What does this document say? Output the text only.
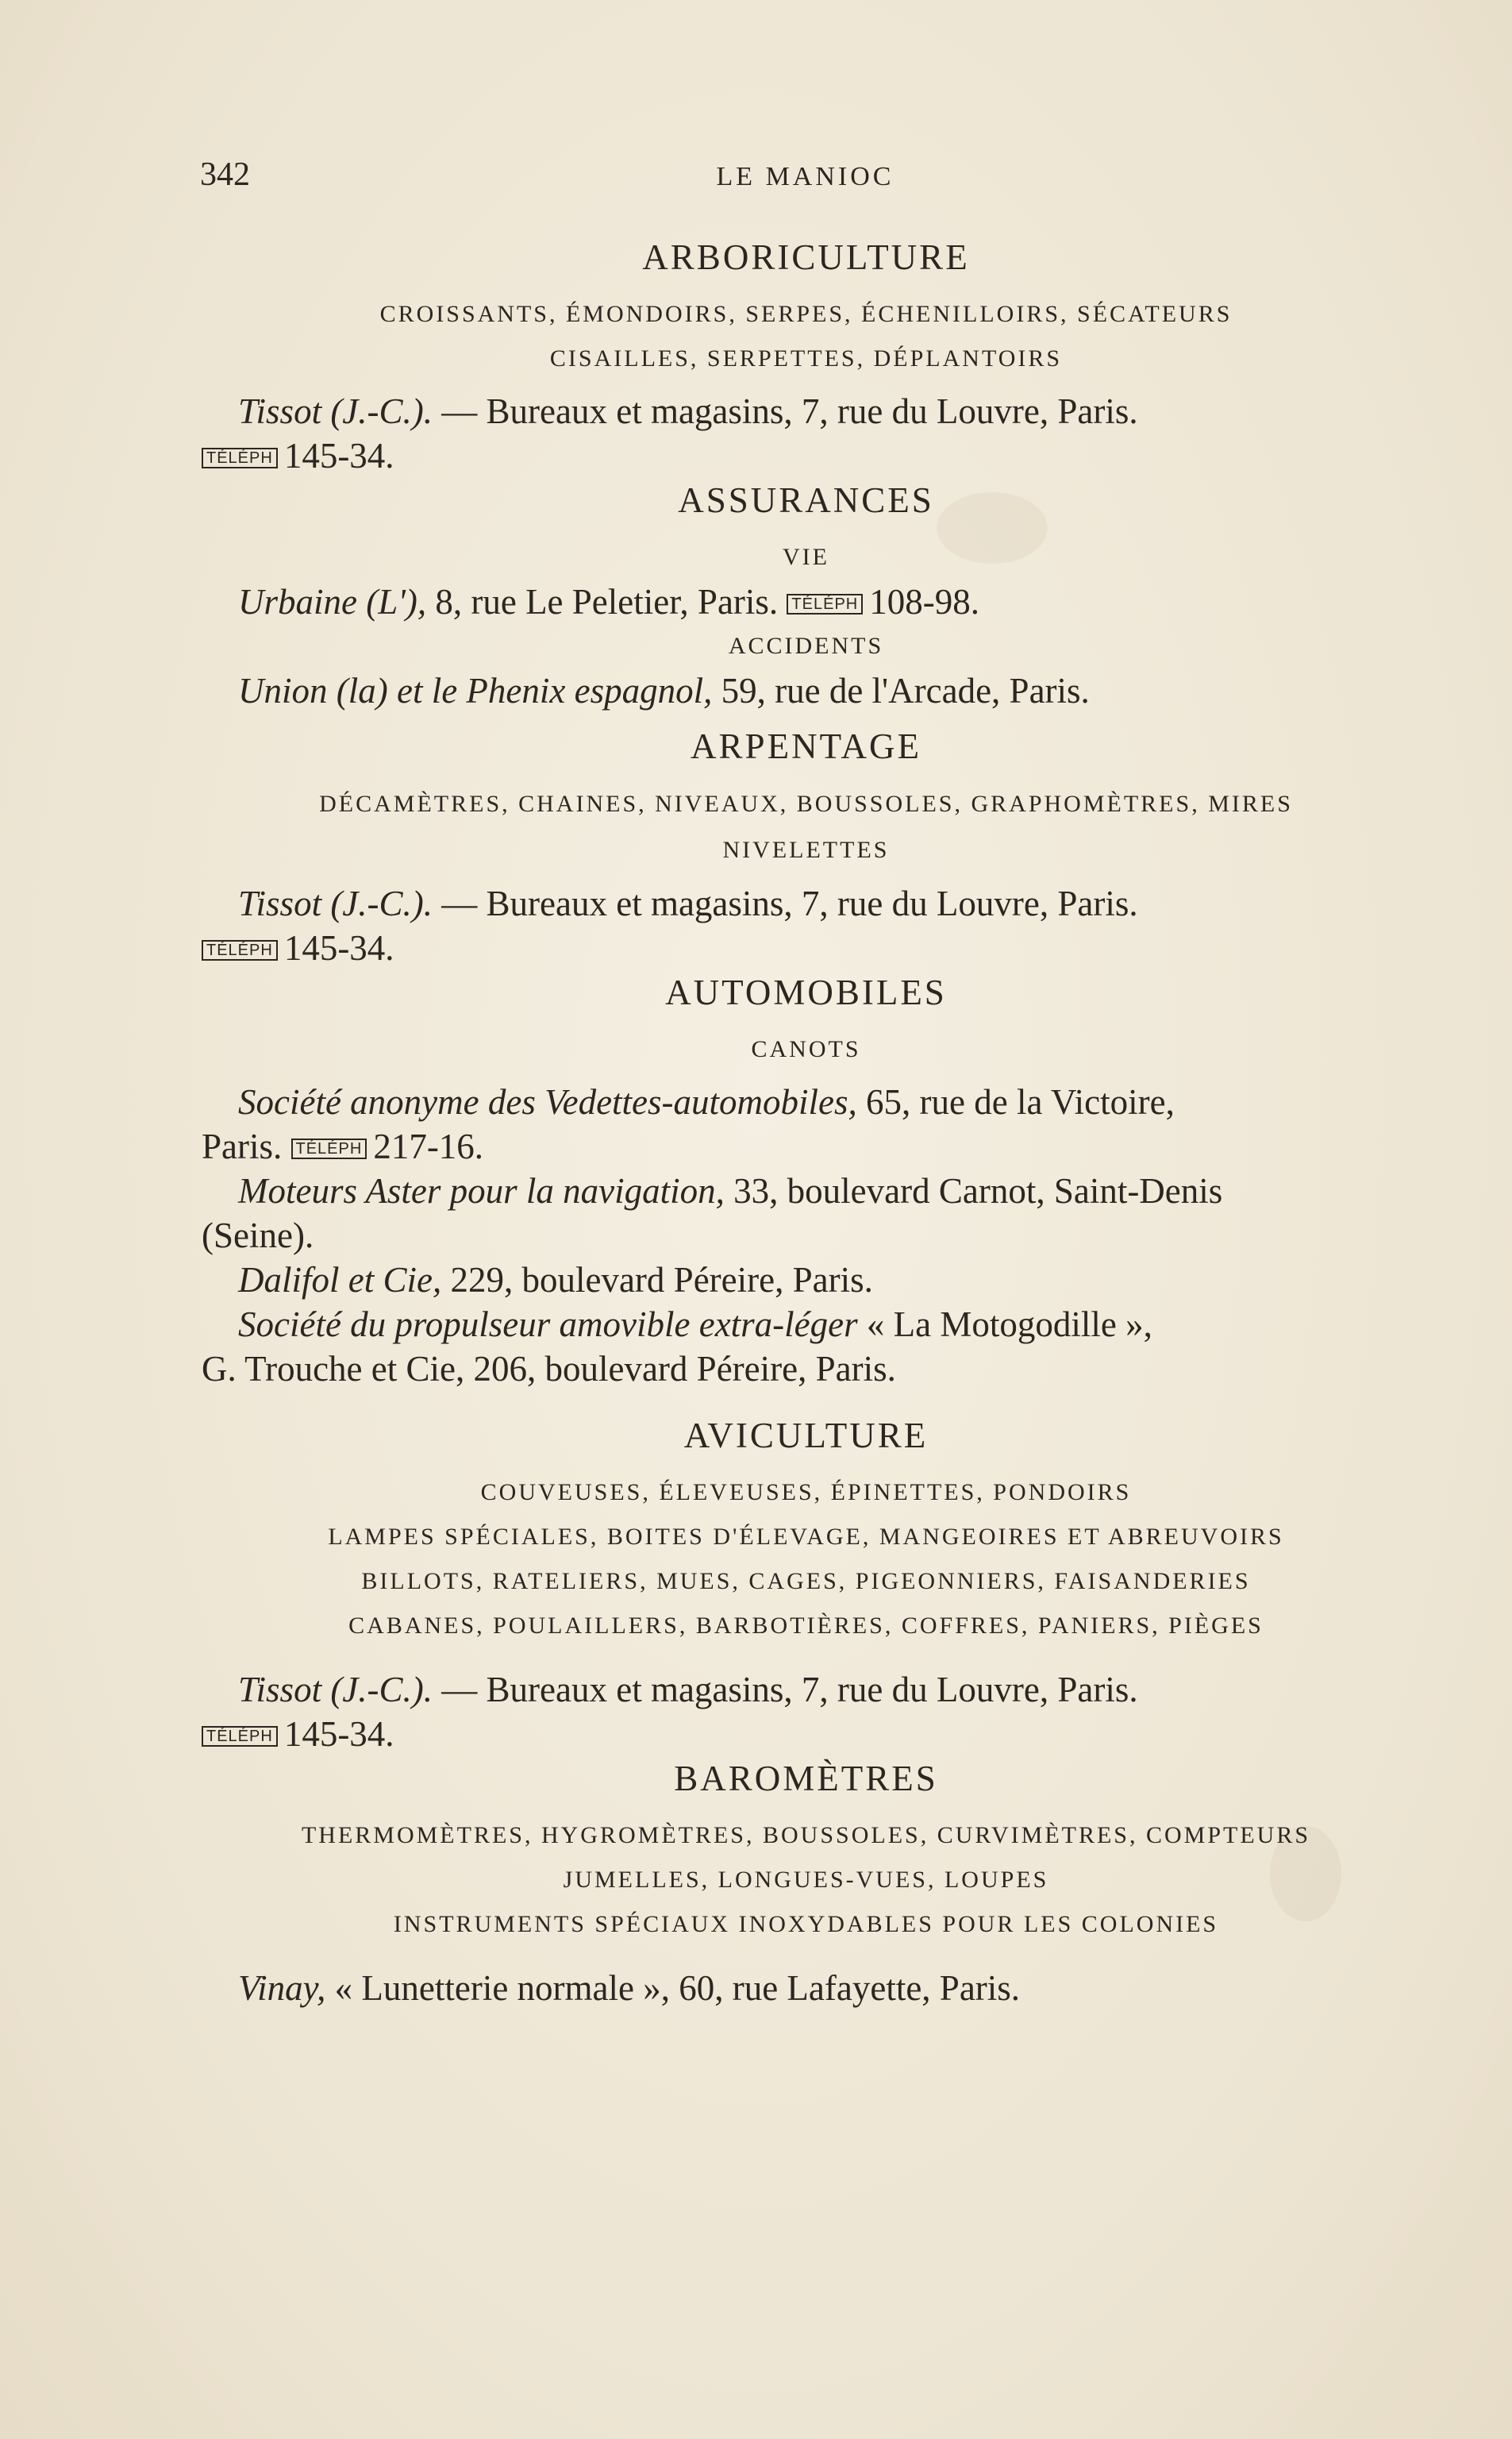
342	LE MANIOC
ARBORICULTURE

CROISSANTS, ÉMONDOIRS, SERPES, ÉCHENILLOIRS, SÉCATEURS

CISAILLES, SERPETTES, DÉPLANTOIRS

Tissot (J.-C.). — Bureaux et magasins, 7, rue du Louvre, Paris.
TÉLÉPH 145-34.

ASSURANCES

VIE

Urbaine (L'), 8, rue Le Peletier, Paris. TÉLÉPH 108-98.

ACCIDENTS

Union (la) et le Phenix espagnol, 59, rue de l'Arcade, Paris.

ARPENTAGE

DÉCAMÈTRES, CHAINES, NIVEAUX, BOUSSOLES, GRAPHOMÈTRES, MIRES

NIVELETTES

Tissot (J.-C.). — Bureaux et magasins, 7, rue du Louvre, Paris.
TÉLÉPH 145-34.

AUTOMOBILES

CANOTS

Société anonyme des Vedettes-automobiles, 65, rue de la Victoire,
Paris. TÉLÉPH 217-16.

Moteurs Aster pour la navigation, 33, boulevard Carnot, Saint-Denis
(Seine).

Dalifol et Cie, 229, boulevard Péreire, Paris.

Société du propulseur amovible extra-léger « La Motogodille »,
G. Trouche et Cie, 206, boulevard Péreire, Paris.

AVICULTURE

COUVEUSES, ÉLEVEUSES, ÉPINETTES, PONDOIRS

LAMPES SPÉCIALES, BOITES D'ÉLEVAGE, MANGEOIRES ET ABREUVOIRS

BILLOTS, RATELIERS, MUES, CAGES, PIGEONNIERS, FAISANDERIES

CABANES, POULAILLERS, BARBOTIÈRES, COFFRES, PANIERS, PIÈGES

Tissot (J.-C.). — Bureaux et magasins, 7, rue du Louvre, Paris.
TÉLÉPH 145-34.

BAROMÈTRES

THERMOMÈTRES, HYGROMÈTRES, BOUSSOLES, CURVIMÈTRES, COMPTEURS

JUMELLES, LONGUES-VUES, LOUPES

INSTRUMENTS SPÉCIAUX INOXYDABLES POUR LES COLONIES

Vinay, « Lunetterie normale », 60, rue Lafayette, Paris.
